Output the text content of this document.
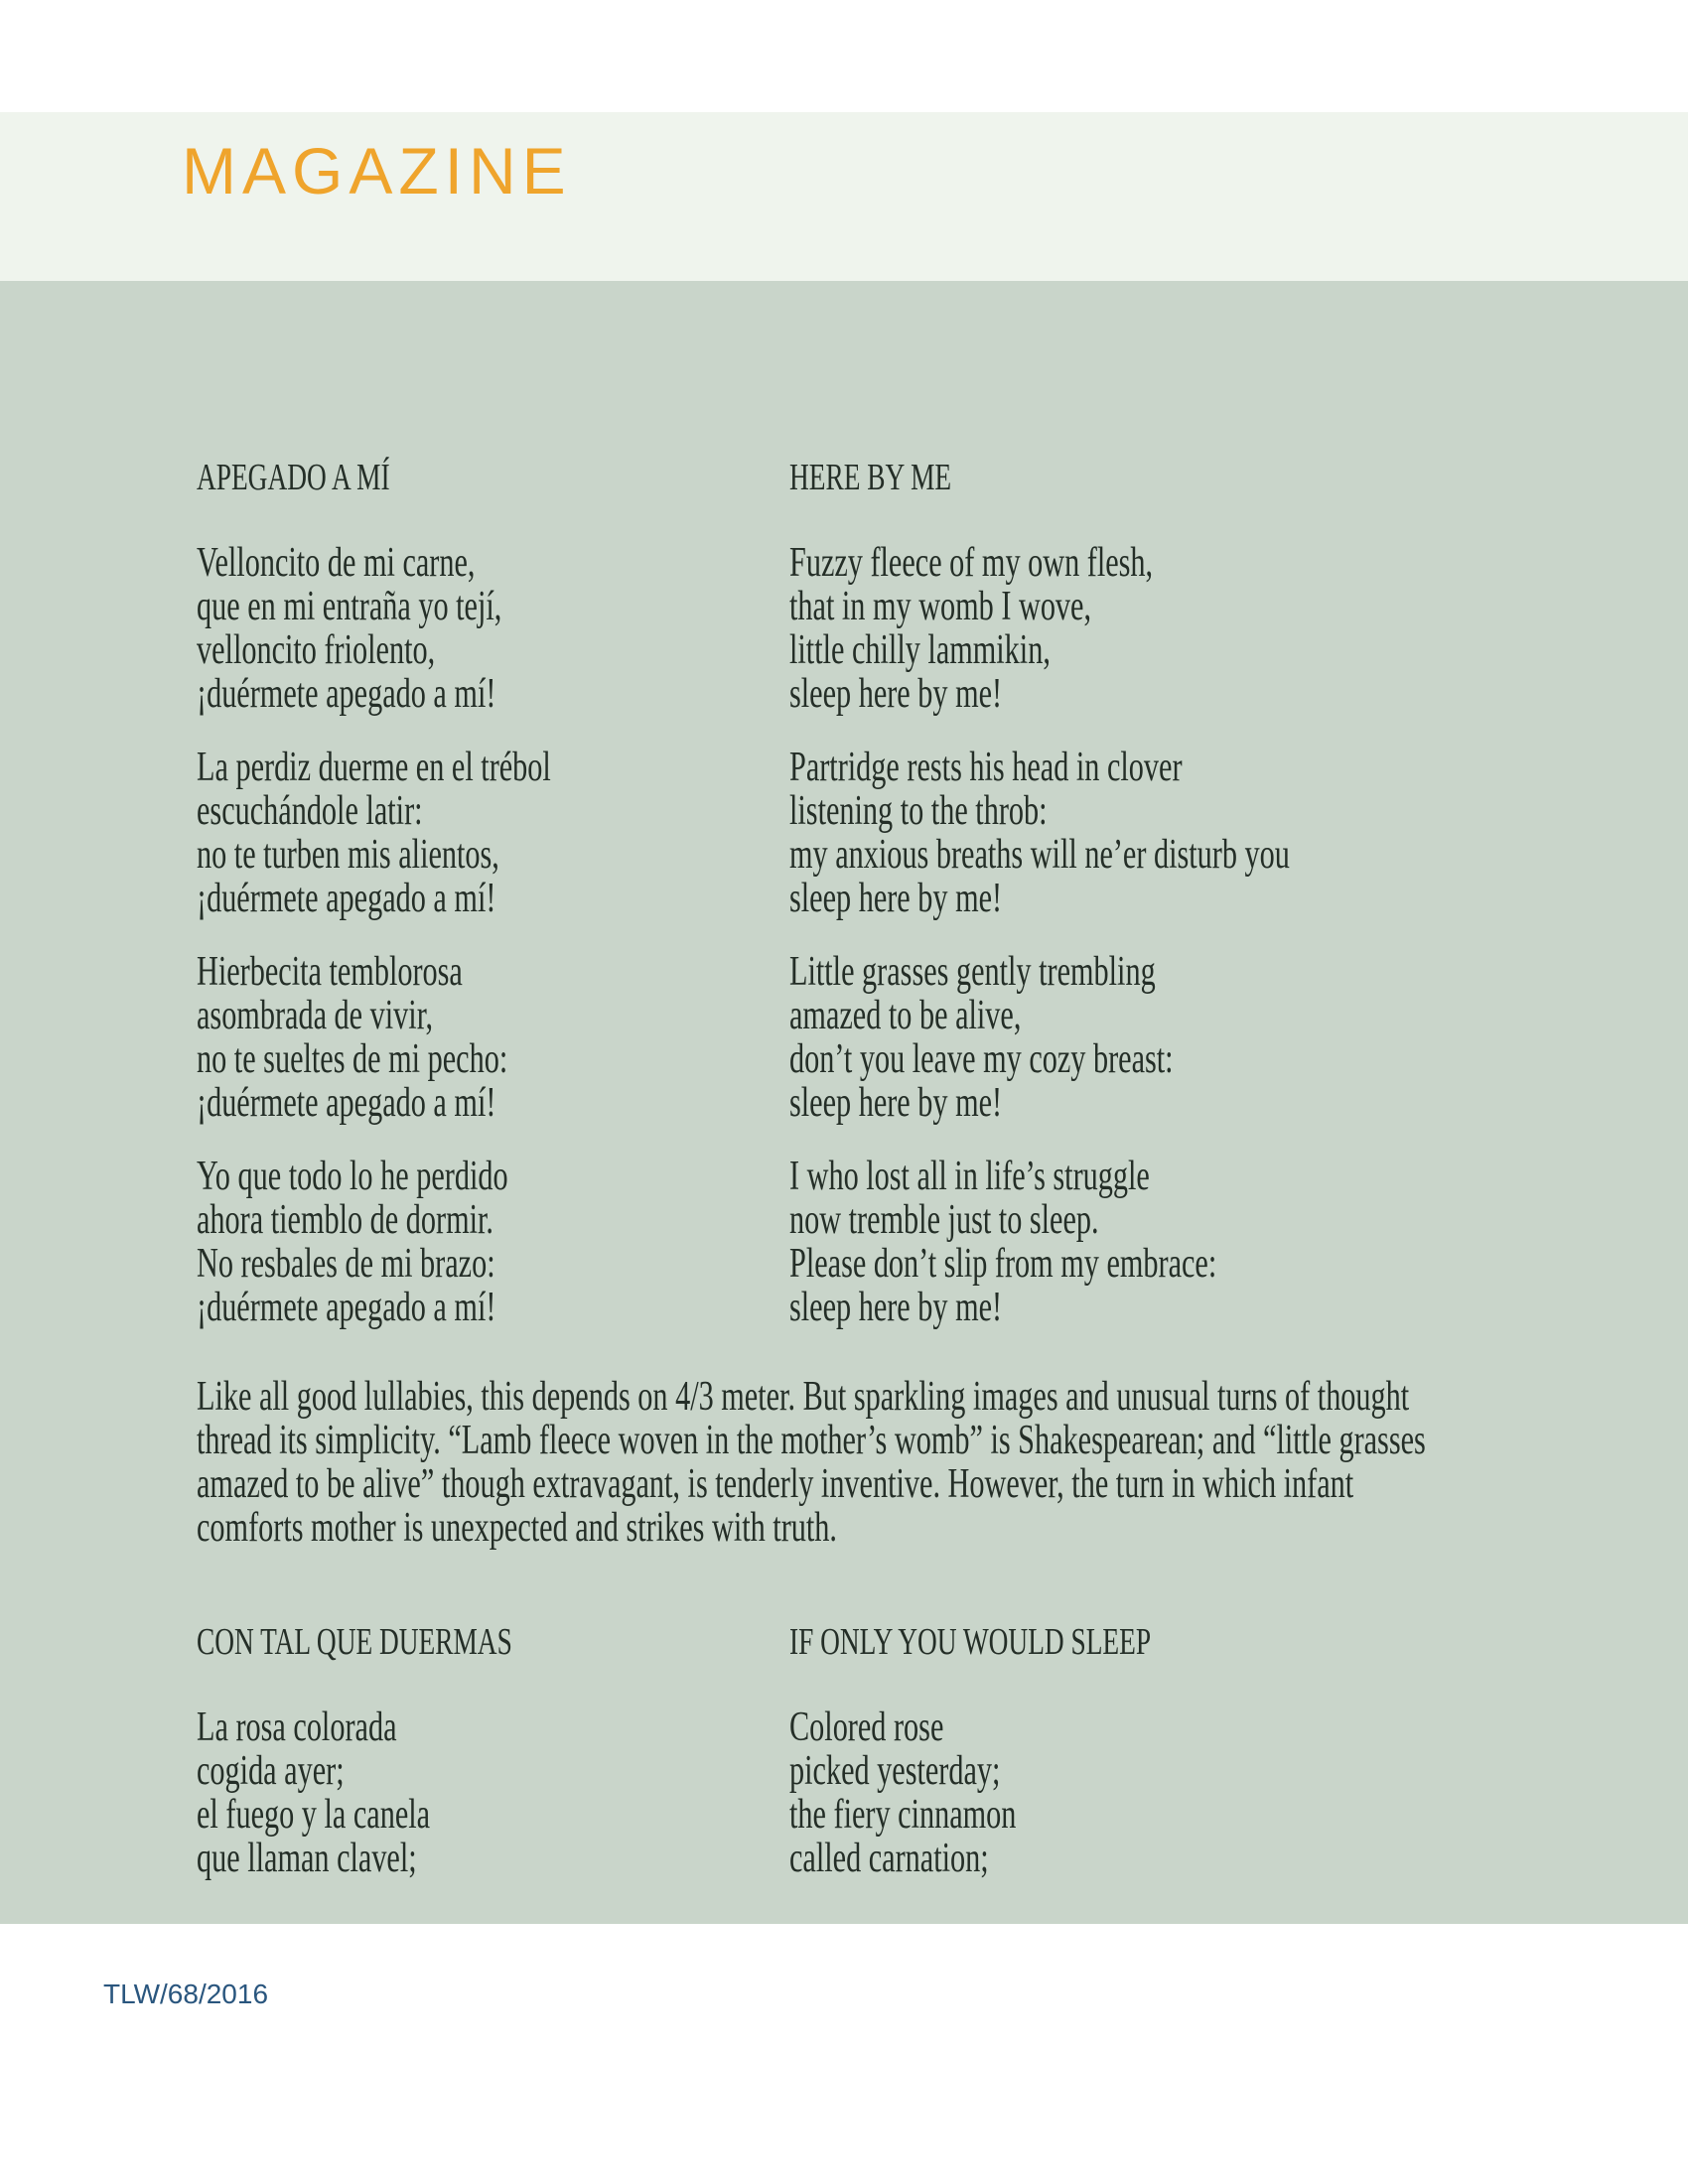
MAGAZINE
APEGADO A MÍ
Velloncito de mi carne,
que en mi entraña yo tejí,
velloncito friolento,
¡duérmete apegado a mí!
La perdiz duerme en el trébol
escuchándole latir:
no te turben mis alientos,
¡duérmete apegado a mí!
Hierbecita temblorosa
asombrada de vivir,
no te sueltes de mi pecho:
¡duérmete apegado a mí!
Yo que todo lo he perdido
ahora tiemblo de dormir.
No resbales de mi brazo:
¡duérmete apegado a mí!
HERE BY ME
Fuzzy fleece of my own flesh,
that in my womb I wove,
little chilly lammikin,
sleep here by me!
Partridge rests his head in clover
listening to the throb:
my anxious breaths will ne’er disturb you
sleep here by me!
Little grasses gently trembling
amazed to be alive,
don’t you leave my cozy breast:
sleep here by me!
I who lost all in life’s struggle
now tremble just to sleep.
Please don’t slip from my embrace:
sleep here by me!
Like all good lullabies, this depends on 4/3 meter. But sparkling images and unusual turns of thought
thread its simplicity. “Lamb fleece woven in the mother’s womb” is Shakespearean; and “little grasses
amazed to be alive” though extravagant, is tenderly inventive. However, the turn in which infant
comforts mother is unexpected and strikes with truth.
CON TAL QUE DUERMAS
La rosa colorada
cogida ayer;
el fuego y la canela
que llaman clavel;
IF ONLY YOU WOULD SLEEP
Colored rose
picked yesterday;
the fiery cinnamon
called carnation;
TLW/68/2016
